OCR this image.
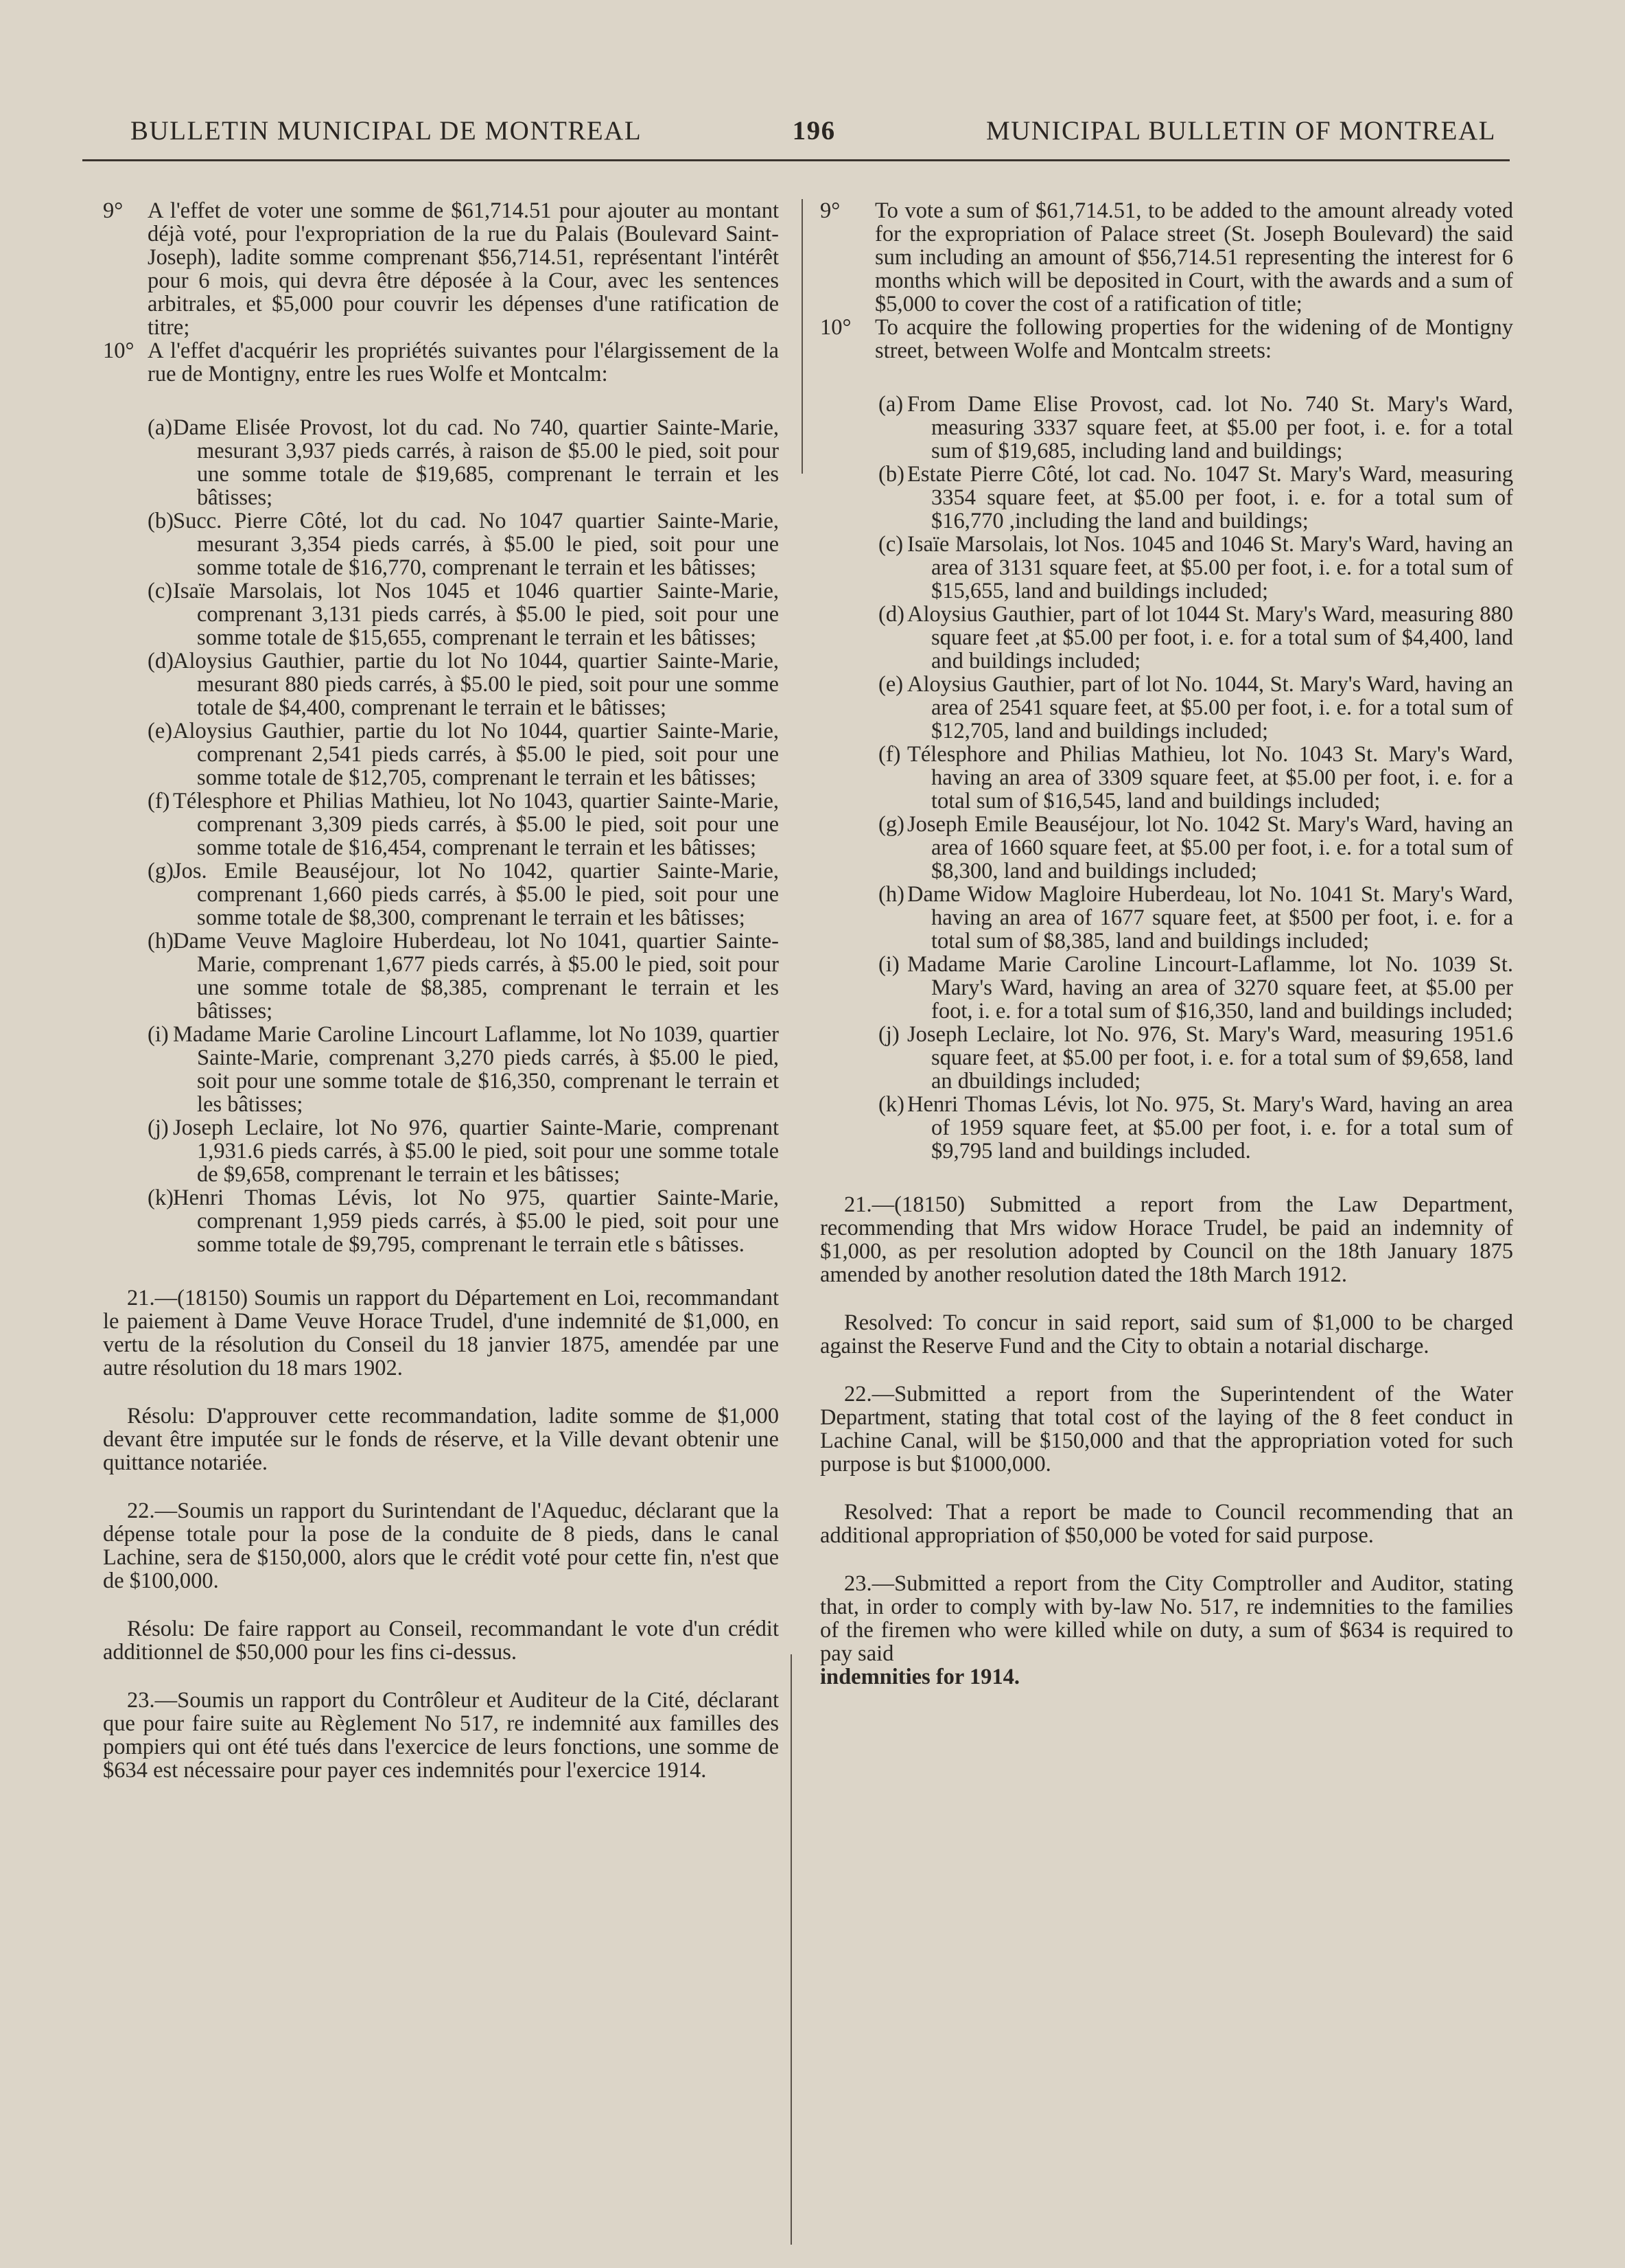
BULLETIN MUNICIPAL DE MONTREAL	196	MUNICIPAL BULLETIN OF MONTREAL

9° A l'effet de voter une somme de $61,714.51 pour ajouter au montant déjà voté, pour l'expropriation de la rue du Palais (Boulevard Saint-Joseph), ladite somme comprenant $56,714.51, représentant l'intérêt pour 6 mois, qui devra être déposée à la Cour, avec les sentences arbitrales, et $5,000 pour couvrir les dépenses d'une ratification de titre;

10° A l'effet d'acquérir les propriétés suivantes pour l'élargissement de la rue de Montigny, entre les rues Wolfe et Montcalm:

(a) Dame Elisée Provost, lot du cad. No 740, quartier Sainte-Marie, mesurant 3,937 pieds carrés, à raison de $5.00 le pied, soit pour une somme totale de $19,685, comprenant le terrain et les bâtisses;

(b) Succ. Pierre Côté, lot du cad. No 1047 quartier Sainte-Marie, mesurant 3,354 pieds carrés, à $5.00 le pied, soit pour une somme totale de $16,770, comprenant le terrain et les bâtisses;

(c) Isaïe Marsolais, lot Nos 1045 et 1046 quartier Sainte-Marie, comprenant 3,131 pieds carrés, à $5.00 le pied, soit pour une somme totale de $15,655, comprenant le terrain et les bâtisses;

(d) Aloysius Gauthier, partie du lot No 1044, quartier Sainte-Marie, mesurant 880 pieds carrés, à $5.00 le pied, soit pour une somme totale de $4,400, comprenant le terrain et le bâtisses;

(e) Aloysius Gauthier, partie du lot No 1044, quartier Sainte-Marie, comprenant 2,541 pieds carrés, à $5.00 le pied, soit pour une somme totale de $12,705, comprenant le terrain et les bâtisses;

(f) Télesphore et Philias Mathieu, lot No 1043, quartier Sainte-Marie, comprenant 3,309 pieds carrés, à $5.00 le pied, soit pour une somme totale de $16,454, comprenant le terrain et les bâtisses;

(g) Jos. Emile Beauséjour, lot No 1042, quartier Sainte-Marie, comprenant 1,660 pieds carrés, à $5.00 le pied, soit pour une somme totale de $8,300, comprenant le terrain et les bâtisses;

(h) Dame Veuve Magloire Huberdeau, lot No 1041, quartier Sainte-Marie, comprenant 1,677 pieds carrés, à $5.00 le pied, soit pour une somme totale de $8,385, comprenant le terrain et les bâtisses;

(i) Madame Marie Caroline Lincourt Laflamme, lot No 1039, quartier Sainte-Marie, comprenant 3,270 pieds carrés, à $5.00 le pied, soit pour une somme totale de $16,350, comprenant le terrain et les bâtisses;

(j) Joseph Leclaire, lot No 976, quartier Sainte-Marie, comprenant 1,931.6 pieds carrés, à $5.00 le pied, soit pour une somme totale de $9,658, comprenant le terrain et les bâtisses;

(k) Henri Thomas Lévis, lot No 975, quartier Sainte-Marie, comprenant 1,959 pieds carrés, à $5.00 le pied, soit pour une somme totale de $9,795, comprenant le terrain etle s bâtisses.

21.—(18150) Soumis un rapport du Département en Loi, recommandant le paiement à Dame Veuve Horace Trudel, d'une indemnité de $1,000, en vertu de la résolution du Conseil du 18 janvier 1875, amendée par une autre résolution du 18 mars 1902.

Résolu: D'approuver cette recommandation, ladite somme de $1,000 devant être imputée sur le fonds de réserve, et la Ville devant obtenir une quittance notariée.

22.—Soumis un rapport du Surintendant de l'Aqueduc, déclarant que la dépense totale pour la pose de la conduite de 8 pieds, dans le canal Lachine, sera de $150,000, alors que le crédit voté pour cette fin, n'est que de $100,000.

Résolu: De faire rapport au Conseil, recommandant le vote d'un crédit additionnel de $50,000 pour les fins ci-dessus.

23.—Soumis un rapport du Contrôleur et Auditeur de la Cité, déclarant que pour faire suite au Règlement No 517, re indemnité aux familles des pompiers qui ont été tués dans l'exercice de leurs fonctions, une somme de $634 est nécessaire pour payer ces indemnités pour l'exercice 1914.

9° To vote a sum of $61,714.51, to be added to the amount already voted for the expropriation of Palace street (St. Joseph Boulevard) the said sum including an amount of $56,714.51 representing the interest for 6 months which will be deposited in Court, with the awards and a sum of $5,000 to cover the cost of a ratification of title;

10° To acquire the following properties for the widening of de Montigny street, between Wolfe and Montcalm streets:

(a) From Dame Elise Provost, cad. lot No. 740 St. Mary's Ward, measuring 3337 square feet, at $5.00 per foot, i. e. for a total sum of $19,685, including land and buildings;

(b) Estate Pierre Côté, lot cad. No. 1047 St. Mary's Ward, measuring 3354 square feet, at $5.00 per foot, i. e. for a total sum of $16,770 ,including the land and buildings;

(c) Isaïe Marsolais, lot Nos. 1045 and 1046 St. Mary's Ward, having an area of 3131 square feet, at $5.00 per foot, i. e. for a total sum of $15,655, land and buildings included;

(d) Aloysius Gauthier, part of lot 1044 St. Mary's Ward, measuring 880 square feet ,at $5.00 per foot, i. e. for a total sum of $4,400, land and buildings included;

(e) Aloysius Gauthier, part of lot No. 1044, St. Mary's Ward, having an area of 2541 square feet, at $5.00 per foot, i. e. for a total sum of $12,705, land and buildings included;

(f) Télesphore and Philias Mathieu, lot No. 1043 St. Mary's Ward, having an area of 3309 square feet, at $5.00 per foot, i. e. for a total sum of $16,545, land and buildings included;

(g) Joseph Emile Beauséjour, lot No. 1042 St. Mary's Ward, having an area of 1660 square feet, at $5.00 per foot, i. e. for a total sum of $8,300, land and buildings included;

(h) Dame Widow Magloire Huberdeau, lot No. 1041 St. Mary's Ward, having an area of 1677 square feet, at $500 per foot, i. e. for a total sum of $8,385, land and buildings included;

(i) Madame Marie Caroline Lincourt-Laflamme, lot No. 1039 St. Mary's Ward, having an area of 3270 square feet, at $5.00 per foot, i. e. for a total sum of $16,350, land and buildings included;

(j) Joseph Leclaire, lot No. 976, St. Mary's Ward, measuring 1951.6 square feet, at $5.00 per foot, i. e. for a total sum of $9,658, land an dbuildings included;

(k) Henri Thomas Lévis, lot No. 975, St. Mary's Ward, having an area of 1959 square feet, at $5.00 per foot, i. e. for a total sum of $9,795 land and buildings included.

21.—(18150) Submitted a report from the Law Department, recommending that Mrs widow Horace Trudel, be paid an indemnity of $1,000, as per resolution adopted by Council on the 18th January 1875 amended by another resolution dated the 18th March 1912.

Resolved: To concur in said report, said sum of $1,000 to be charged against the Reserve Fund and the City to obtain a notarial discharge.

22.—Submitted a report from the Superintendent of the Water Department, stating that total cost of the laying of the 8 feet conduct in Lachine Canal, will be $150,000 and that the appropriation voted for such purpose is but $1000,000.

Resolved: That a report be made to Council recommending that an additional appropriation of $50,000 be voted for said purpose.

23.—Submitted a report from the City Comptroller and Auditor, stating that, in order to comply with by-law No. 517, re indemnities to the families of the firemen who were killed while on duty, a sum of $634 is required to pay said

indemnities for 1914.
